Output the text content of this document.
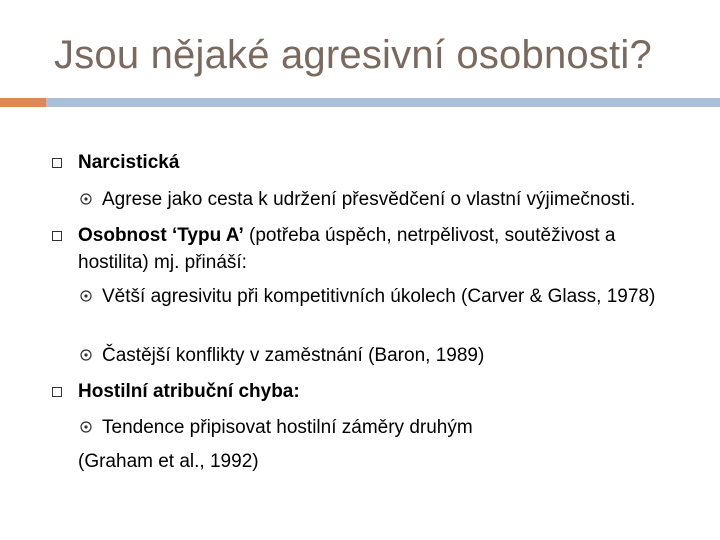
Jsou nějaké agresivní osobnosti?
Narcistická
Agrese jako cesta k udržení přesvědčení o vlastní výjimečnosti.
Osobnost ‘Typu A’ (potřeba úspěch, netrpělivost, soutěživost a hostilita) mj. přináší:
Větší agresivitu při kompetitivních úkolech (Carver & Glass, 1978)
Častější konflikty v zaměstnání (Baron, 1989)
Hostilní atribuční chyba:
Tendence připisovat hostilní záměry druhým
(Graham et al., 1992)
